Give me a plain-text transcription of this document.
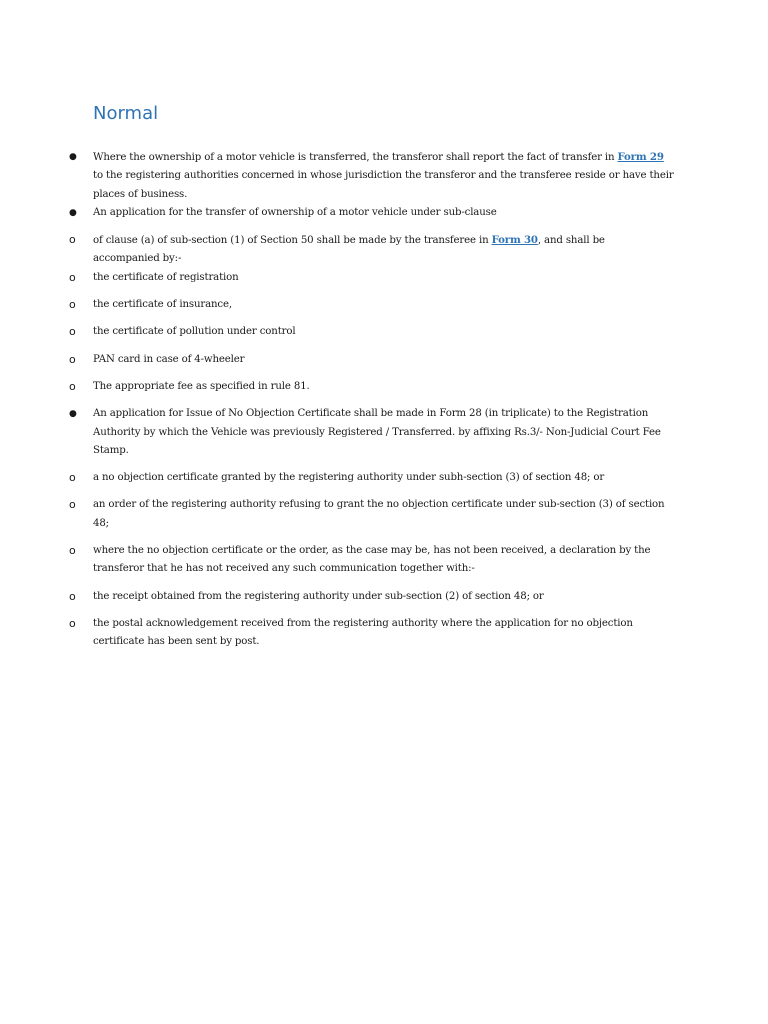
Normal
●	Where the ownership of a motor vehicle is transferred, the transferor shall report the fact of transfer in Form 29 to the registering authorities concerned in whose jurisdiction the transferor and the transferee reside or have their places of business.
●	An application for the transfer of ownership of a motor vehicle under sub-clause
o	of clause (a) of sub-section (1) of Section 50 shall be made by the transferee in Form 30, and shall be accompanied by:-
o	the certificate of registration
o	the certificate of insurance,
o	the certificate of pollution under control
o	PAN card in case of 4-wheeler
o	The appropriate fee as specified in rule 81.
●	An application for Issue of No Objection Certificate shall be made in Form 28 (in triplicate) to the Registration Authority by which the Vehicle was previously Registered / Transferred. by affixing Rs.3/- Non-Judicial Court Fee Stamp.
o	a no objection certificate granted by the registering authority under subh-section (3) of section 48; or
o	an order of the registering authority refusing to grant the no objection certificate under sub-section (3) of section 48;
o	where the no objection certificate or the order, as the case may be, has not been received, a declaration by the transferor that he has not received any such communication together with:-
o	the receipt obtained from the registering authority under sub-section (2) of section 48; or
o	the postal acknowledgement received from the registering authority where the application for no objection certificate has been sent by post.
